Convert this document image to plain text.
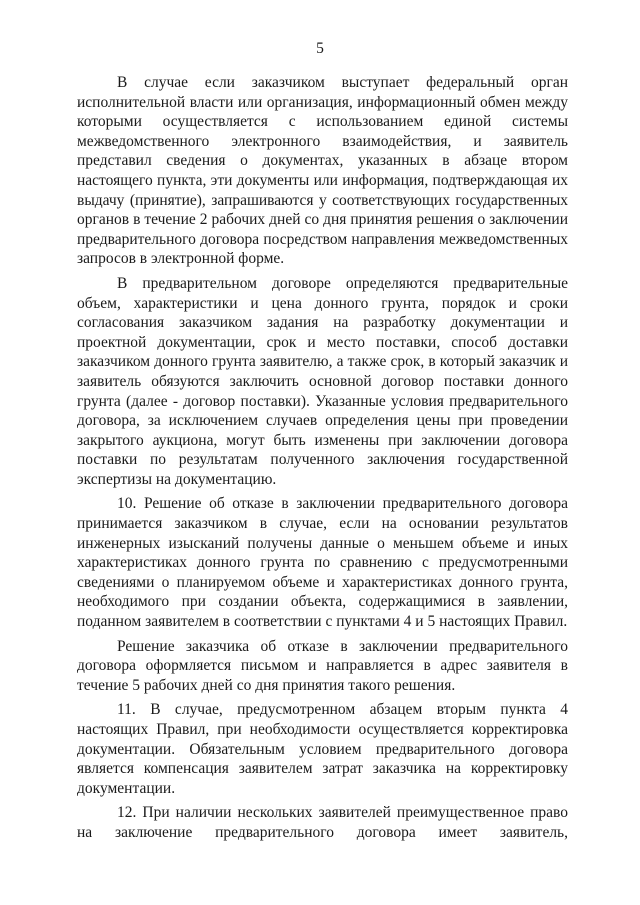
5

В случае если заказчиком выступает федеральный орган исполнительной власти или организация, информационный обмен между которыми осуществляется с использованием единой системы межведомственного электронного взаимодействия, и заявитель представил сведения о документах, указанных в абзаце втором настоящего пункта, эти документы или информация, подтверждающая их выдачу (принятие), запрашиваются у соответствующих государственных органов в течение 2 рабочих дней со дня принятия решения о заключении предварительного договора посредством направления межведомственных запросов в электронной форме.

В предварительном договоре определяются предварительные объем, характеристики и цена донного грунта, порядок и сроки согласования заказчиком задания на разработку документации и проектной документации, срок и место поставки, способ доставки заказчиком донного грунта заявителю, а также срок, в который заказчик и заявитель обязуются заключить основной договор поставки донного грунта (далее - договор поставки). Указанные условия предварительного договора, за исключением случаев определения цены при проведении закрытого аукциона, могут быть изменены при заключении договора поставки по результатам полученного заключения государственной экспертизы на документацию.

10. Решение об отказе в заключении предварительного договора принимается заказчиком в случае, если на основании результатов инженерных изысканий получены данные о меньшем объеме и иных характеристиках донного грунта по сравнению с предусмотренными сведениями о планируемом объеме и характеристиках донного грунта, необходимого при создании объекта, содержащимися в заявлении, поданном заявителем в соответствии с пунктами 4 и 5 настоящих Правил.

Решение заказчика об отказе в заключении предварительного договора оформляется письмом и направляется в адрес заявителя в течение 5 рабочих дней со дня принятия такого решения.

11. В случае, предусмотренном абзацем вторым пункта 4 настоящих Правил, при необходимости осуществляется корректировка документации. Обязательным условием предварительного договора является компенсация заявителем затрат заказчика на корректировку документации.

12. При наличии нескольких заявителей преимущественное право на заключение предварительного договора имеет заявитель,
